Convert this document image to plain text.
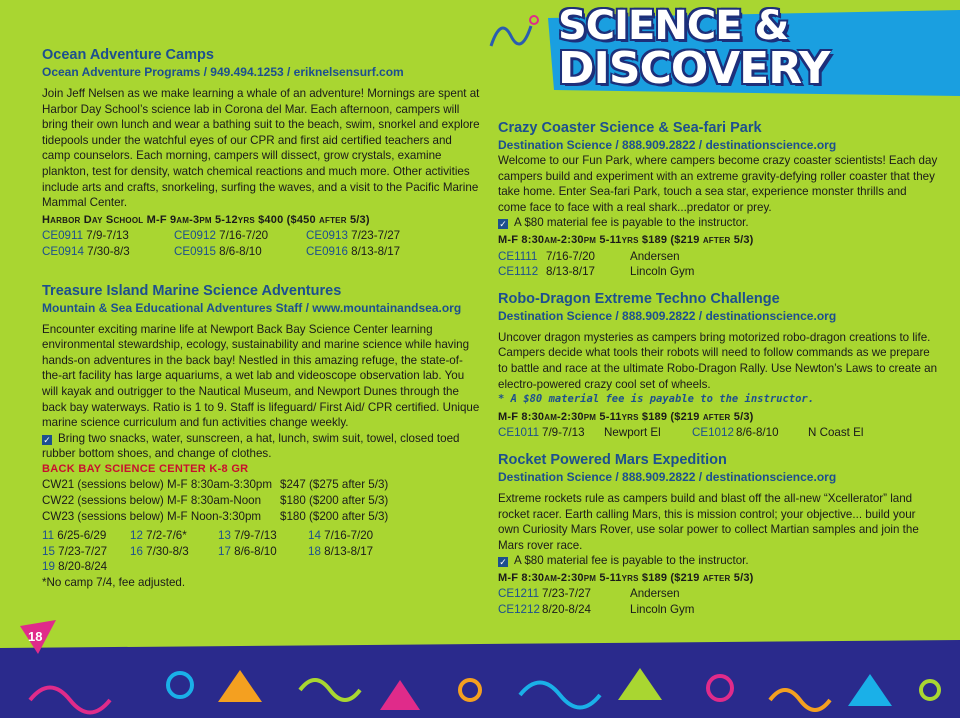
SCIENCE &
DISCOVERY
Ocean Adventure Camps
Ocean Adventure Programs / 949.494.1253 / eriknelsensurf.com

Join Jeff Nelsen as we make learning a whale of an adventure! Mornings are spent at Harbor Day School’s science lab in Corona del Mar. Each afternoon, campers will bring their own lunch and wear a bathing suit to the beach, swim, snorkel and explore tidepools under the watchful eyes of our CPR and first aid certified teachers and camp counselors. Each morning, campers will dissect, grow crystals, examine plankton, test for density, watch chemical reactions and much more. Other activities include arts and crafts, snorkeling, surfing the waves, and a visit to the Pacific Marine Mammal Center.

Harbor Day School M-F 9am-3pm 5-12yrs $400 ($450 after 5/3)
CE0911 7/9-7/13	CE0912 7/16-7/20	CE0913 7/23-7/27
CE0914 7/30-8/3	CE0915 8/6-8/10	CE0916 8/13-8/17
Treasure Island Marine Science Adventures
Mountain & Sea Educational Adventures Staff / www.mountainandsea.org

Encounter exciting marine life at Newport Back Bay Science Center learning environmental stewardship, ecology, sustainability and marine science while having hands-on adventures in the back bay! Nestled in this amazing refuge, the state-of-the-art facility has large aquariums, a wet lab and videoscope observation lab. You will kayak and outrigger to the Nautical Museum, and Newport Dunes through the back bay waterways. Ratio is 1 to 9. Staff is lifeguard/ First Aid/ CPR certified. Unique marine science curriculum and fun activities change weekly.

✓ Bring two snacks, water, sunscreen, a hat, lunch, swim suit, towel, closed toed rubber bottom shoes, and change of clothes.

BACK BAY SCIENCE CENTER K-8 GR
CW21 (sessions below) M-F 8:30am-3:30pm $247 ($275 after 5/3)
CW22 (sessions below) M-F 8:30am-Noon	$180 ($200 after 5/3)
CW23 (sessions below) M-F Noon-3:30pm	$180 ($200 after 5/3)
11 6/25-6/29	12 7/2-7/6*	13 7/9-7/13	14 7/16-7/20
15 7/23-7/27	16 7/30-8/3	17 8/6-8/10	18 8/13-8/17
19 8/20-8/24
*No camp 7/4, fee adjusted.
Crazy Coaster Science & Sea-fari Park
Destination Science / 888.909.2822 / destinationscience.org

Welcome to our Fun Park, where campers become crazy coaster scientists! Each day campers build and experiment with an extreme gravity-defying roller coaster that they take home. Enter Sea-fari Park, touch a sea star, experience monster thrills and come face to face with a real shark...predator or prey.

✓ A $80 material fee is payable to the instructor.

M-F 8:30am-2:30pm 5-11yrs $189 ($219 after 5/3)
CE1111 7/16-7/20	Andersen
CE1112 8/13-8/17	Lincoln Gym
Robo-Dragon Extreme Techno Challenge
Destination Science / 888.909.2822 / destinationscience.org

Uncover dragon mysteries as campers bring motorized robo-dragon creations to life. Campers decide what tools their robots will need to follow commands as we prepare to battle and race at the ultimate Robo-Dragon Rally. Use Newton’s Laws to create an electro-powered crazy cool set of wheels.

* A $80 material fee is payable to the instructor.
M-F 8:30am-2:30pm 5-11yrs $189 ($219 after 5/3)
CE1011 7/9-7/13	Newport El	CE1012 8/6-8/10	N Coast El
Rocket Powered Mars Expedition
Destination Science / 888.909.2822 / destinationscience.org

Extreme rockets rule as campers build and blast off the all-new “Xcellerator” land rocket racer. Earth calling Mars, this is mission control; your objective... build your own Curiosity Mars Rover, use solar power to collect Martian samples and join the Mars rover race.

✓ A $80 material fee is payable to the instructor.

M-F 8:30am-2:30pm 5-11yrs $189 ($219 after 5/3)
CE1211 7/23-7/27	Andersen
CE1212 8/20-8/24	Lincoln Gym
18
